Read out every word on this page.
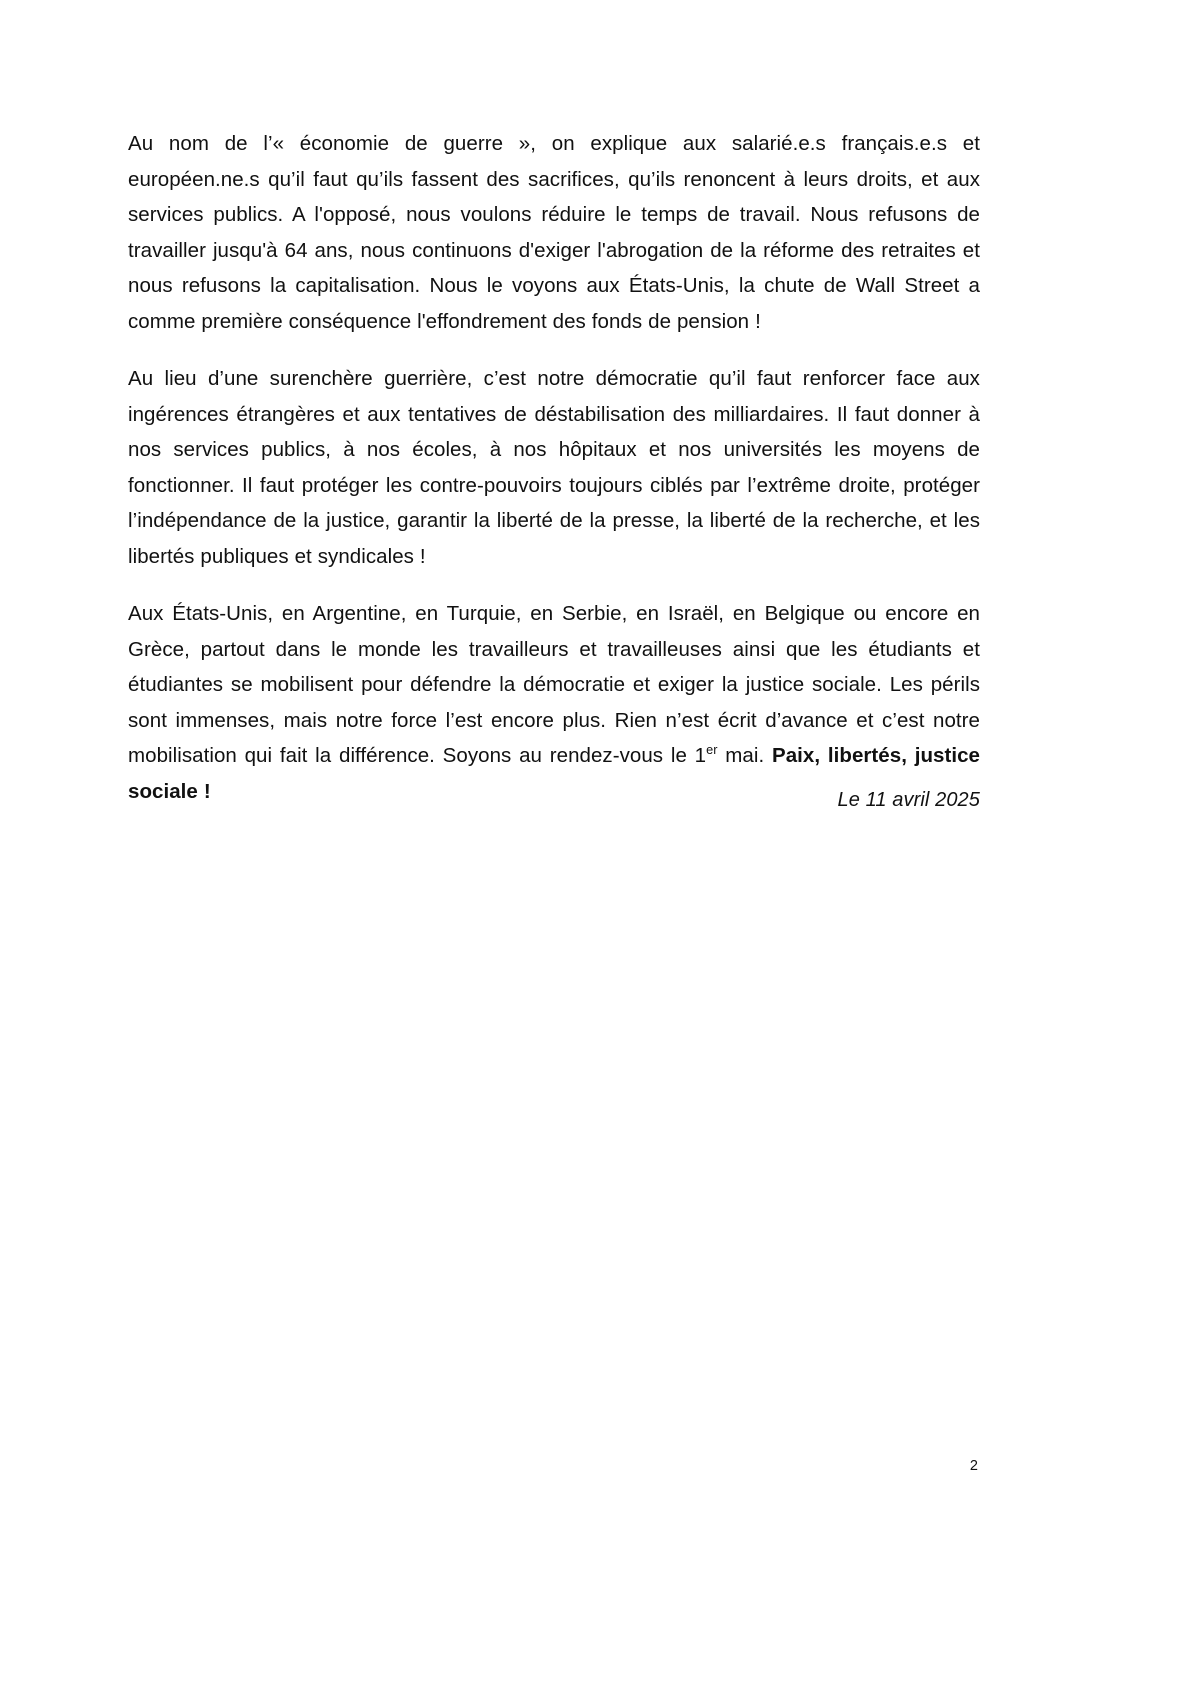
Au nom de l’« économie de guerre », on explique aux salarié.e.s français.e.s et européen.ne.s qu’il faut qu’ils fassent des sacrifices, qu’ils renoncent à leurs droits, et aux services publics. A l'opposé, nous voulons réduire le temps de travail. Nous refusons de travailler jusqu'à 64 ans, nous continuons d'exiger l'abrogation de la réforme des retraites et nous refusons la capitalisation. Nous le voyons aux États-Unis, la chute de Wall Street a comme première conséquence l'effondrement des fonds de pension !

Au lieu d’une surenchère guerrière, c’est notre démocratie qu’il faut renforcer face aux ingérences étrangères et aux tentatives de déstabilisation des milliardaires. Il faut donner à nos services publics, à nos écoles, à nos hôpitaux et nos universités les moyens de fonctionner. Il faut protéger les contre-pouvoirs toujours ciblés par l’extrême droite, protéger l’indépendance de la justice, garantir la liberté de la presse, la liberté de la recherche, et les libertés publiques et syndicales !

Aux États-Unis, en Argentine, en Turquie, en Serbie, en Israël, en Belgique ou encore en Grèce, partout dans le monde les travailleurs et travailleuses ainsi que les étudiants et étudiantes se mobilisent pour défendre la démocratie et exiger la justice sociale. Les périls sont immenses, mais notre force l’est encore plus. Rien n’est écrit d’avance et c’est notre mobilisation qui fait la différence. Soyons au rendez-vous le 1er mai. Paix, libertés, justice sociale !	Le 11 avril 2025
2
